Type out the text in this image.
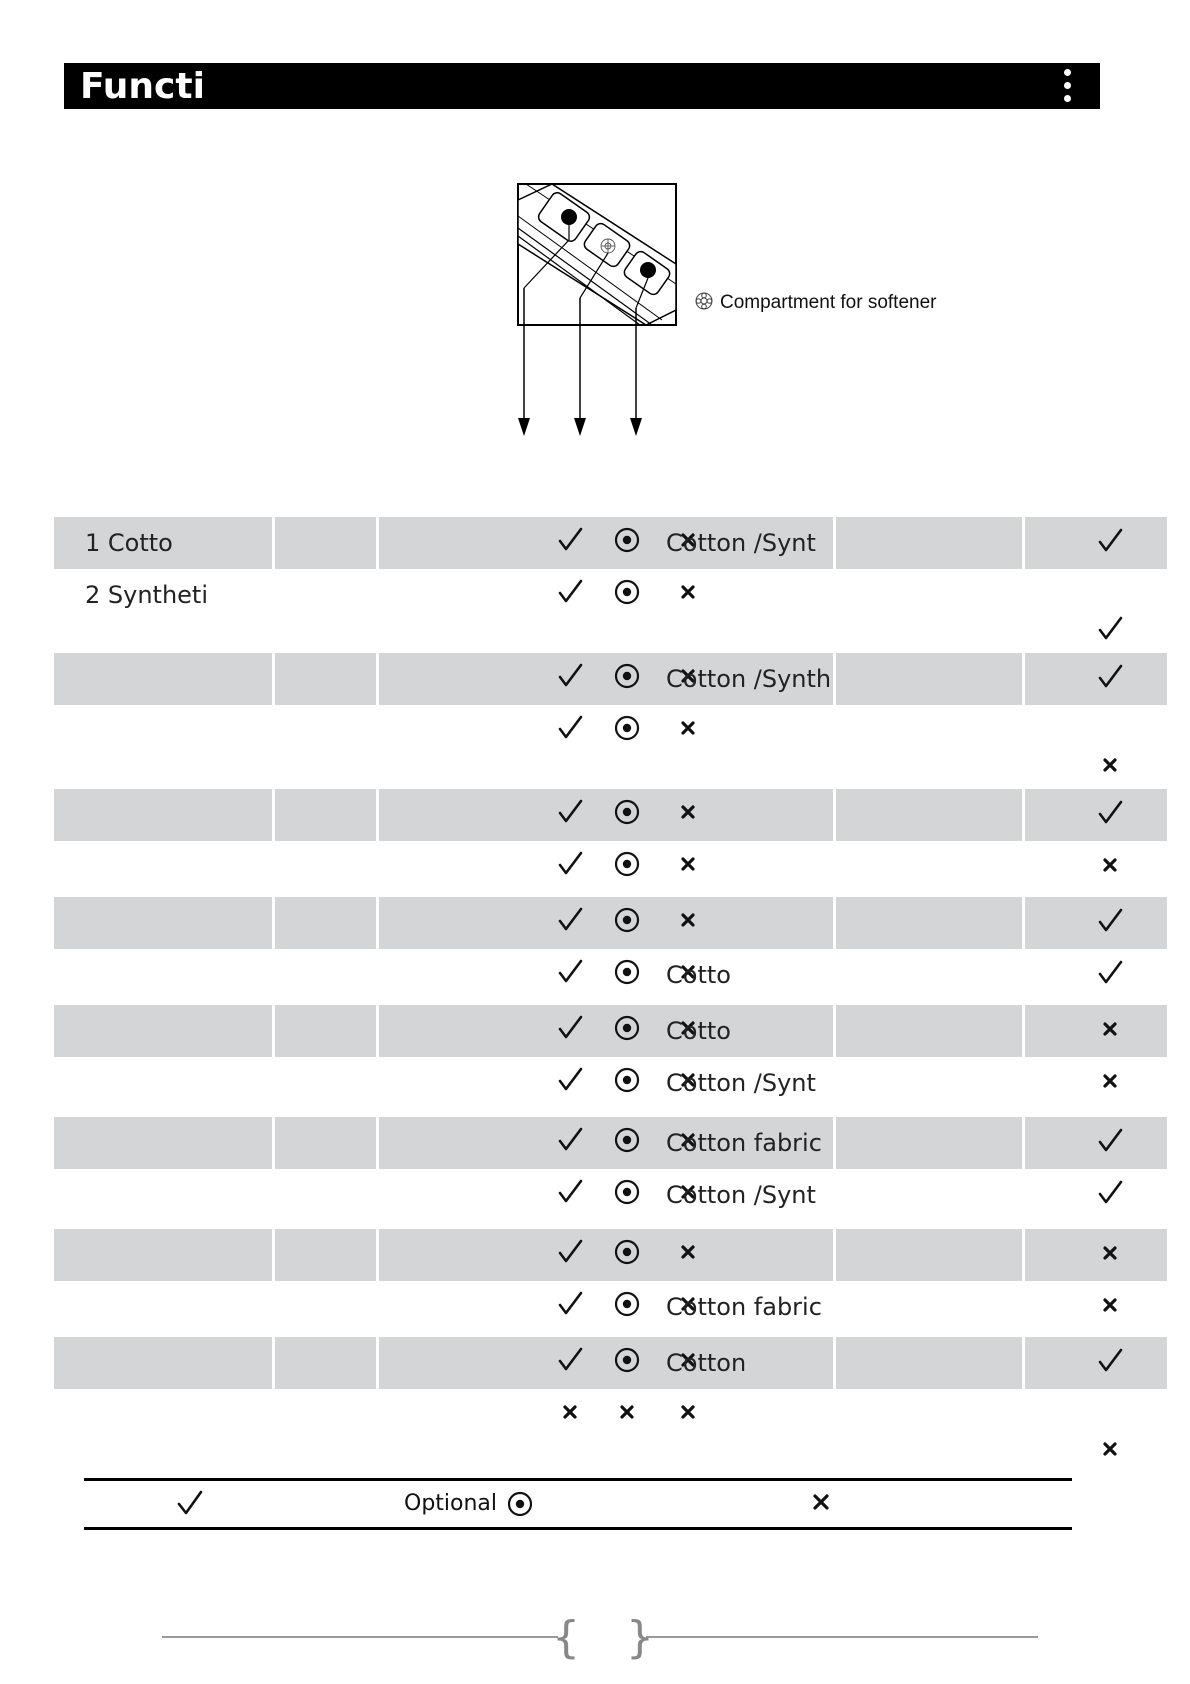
Functi
Compartment for softener
1 Cotto	Cotton /Synt
2 Syntheti
Cotton /Synth
Cotto
Cotto
Cotton /Synt
Cotton fabric
Cotton /Synt
Cotton fabric
Cotton
Optional
{ }
